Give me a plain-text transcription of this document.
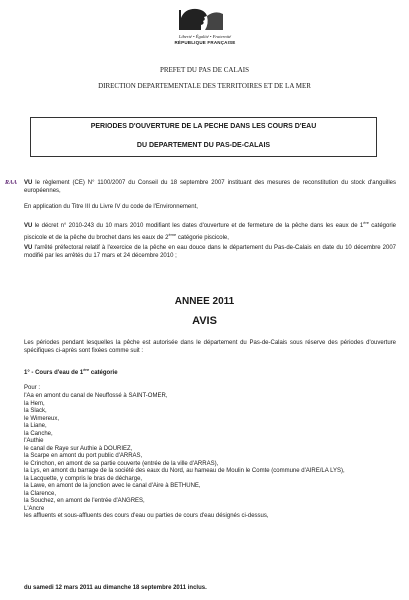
Liberté • Égalité • Fraternité
RÉPUBLIQUE FRANÇAISE
PREFET DU PAS DE CALAIS
DIRECTION DEPARTEMENTALE DES TERRITOIRES ET DE LA MER
PERIODES D'OUVERTURE DE LA PECHE DANS LES COURS D'EAU
DU DEPARTEMENT DU PAS-DE-CALAIS
RAA VU le règlement (CE) N° 1100/2007 du Conseil du 18 septembre 2007 instituant des mesures de reconstitution du stock d'anguilles européennes,
En application du Titre III du Livre IV du code de l'Environnement,
VU le décret n° 2010-243 du 10 mars 2010 modifiant les dates d'ouverture et de fermeture de la pêche dans les eaux de 1ère catégorie piscicole et de la pêche du brochet dans les eaux de 2ème catégorie piscicole,
VU l'arrêté préfectoral relatif à l'exercice de la pêche en eau douce dans le département du Pas-de-Calais en date du 10 décembre 2007 modifié par les arrêtés du 17 mars et 24 décembre 2010 ;
ANNEE 2011
AVIS
Les périodes pendant lesquelles la pêche est autorisée dans le département du Pas-de-Calais sous réserve des périodes d'ouverture spécifiques ci-après sont fixées comme suit :
1° - Cours d'eau de 1ère catégorie
Pour :
l'Aa en amont du canal de Neuffossé à SAINT-OMER,
la Hem,
la Slack,
le Wimereux,
la Liane,
la Canche,
l'Authie
le canal de Raye sur Authie à DOURIEZ,
la Scarpe en amont du port public d'ARRAS,
le Crinchon, en amont de sa partie couverte (entrée de la ville d'ARRAS),
la Lys, en amont du barrage de la société des eaux du Nord, au hameau de Moulin le Comte (commune d'AIRE/LA LYS),
la Lacquette, y compris le bras de décharge,
la Lawe, en amont de la jonction avec le canal d'Aire à BETHUNE,
la Clarence,
la Souchez, en amont de l'entrée d'ANGRES,
L'Ancre
les affluents et sous-affluents des cours d'eau ou parties de cours d'eau désignés ci-dessus,
du samedi 12 mars 2011 au dimanche 18 septembre 2011 inclus.
